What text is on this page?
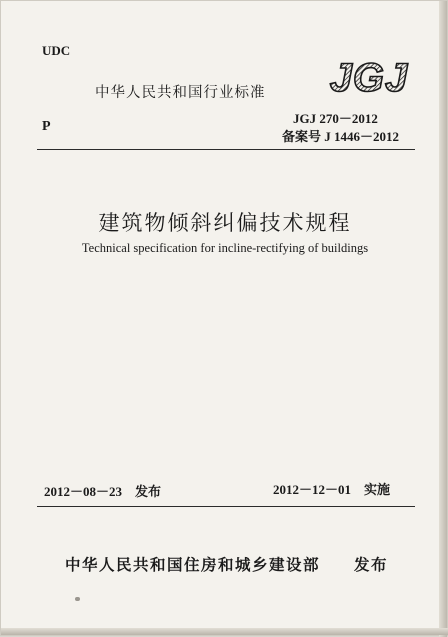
UDC
P
中华人民共和国行业标准 JGJ
JGJ 270－2012
备案号 J 1446－2012
建筑物倾斜纠偏技术规程
Technical specification for incline-rectifying of buildings
2012－08－23　发布	2012－12－01　实施
中华人民共和国住房和城乡建设部　　发布
